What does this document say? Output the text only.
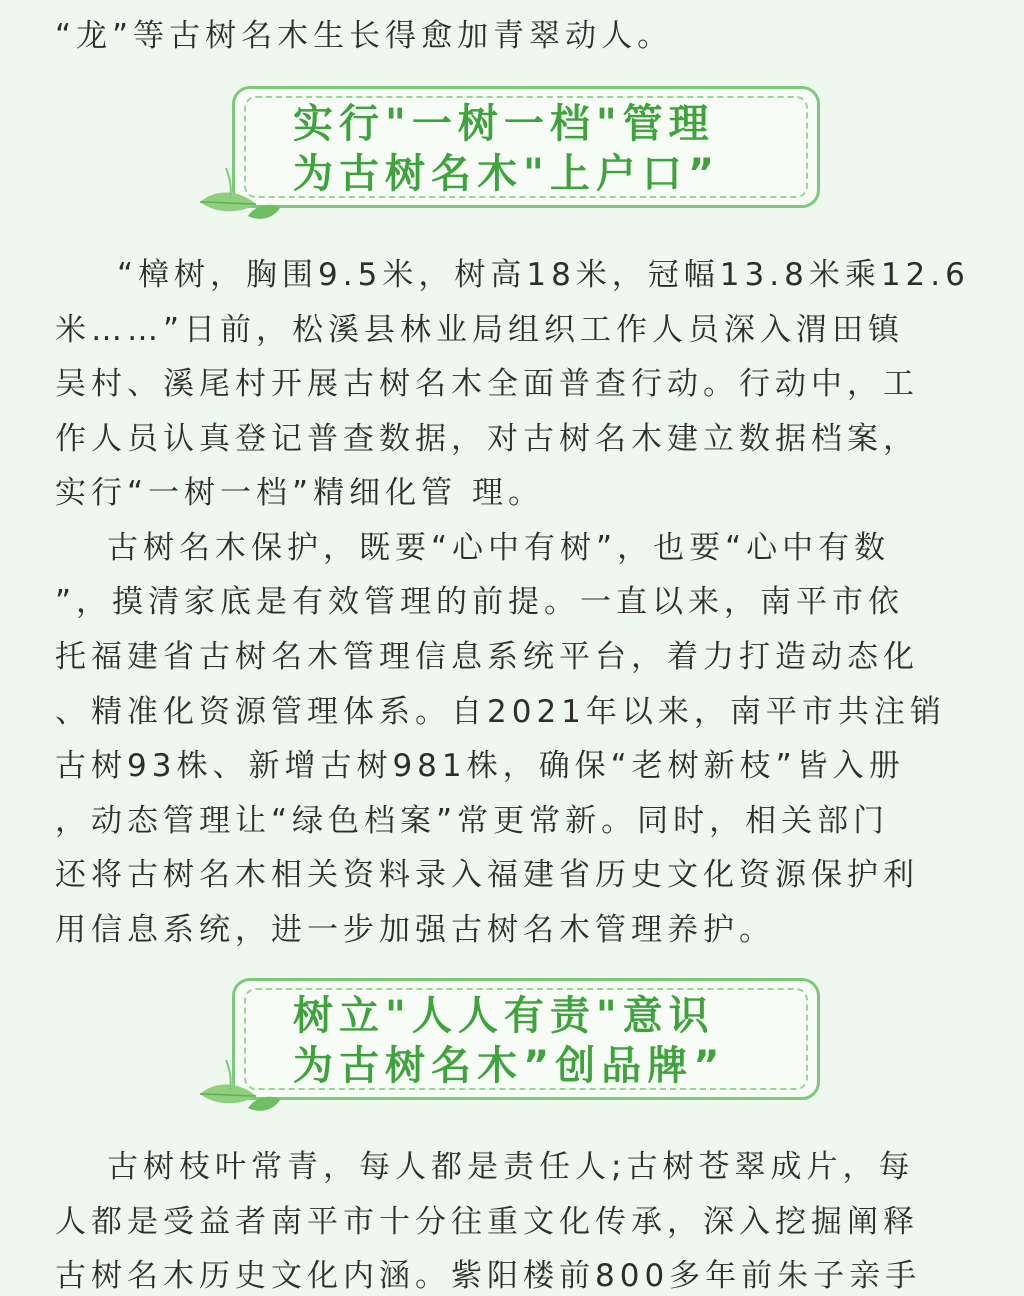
“龙”等古树名木生长得愈加青翠动人。
实行"一树一档"管理
为古树名木"上户口”
“樟树，胸围9.5米，树高18米，冠幅13.8米乘12.6
米……”日前，松溪县林业局组织工作人员深入渭田镇
吴村、溪尾村开展古树名木全面普查行动。行动中，工
作人员认真登记普查数据，对古树名木建立数据档案，
实行“一树一档”精细化管 理。
古树名木保护，既要“心中有树”，也要“心中有数
”，摸清家底是有效管理的前提。一直以来，南平市依
托福建省古树名木管理信息系统平台，着力打造动态化
、精准化资源管理体系。自2021年以来，南平市共注销
古树93株、新增古树981株，确保“老树新枝”皆入册
，动态管理让“绿色档案”常更常新。同时，相关部门
还将古树名木相关资料录入福建省历史文化资源保护利
用信息系统，进一步加强古树名木管理养护。
树立"人人有责"意识
为古树名木”创品牌”
古树枝叶常青，每人都是责任人;古树苍翠成片，每
人都是受益者南平市十分往重文化传承，深入挖掘阐释
古树名木历史文化内涵。紫阳楼前800多年前朱子亲手
